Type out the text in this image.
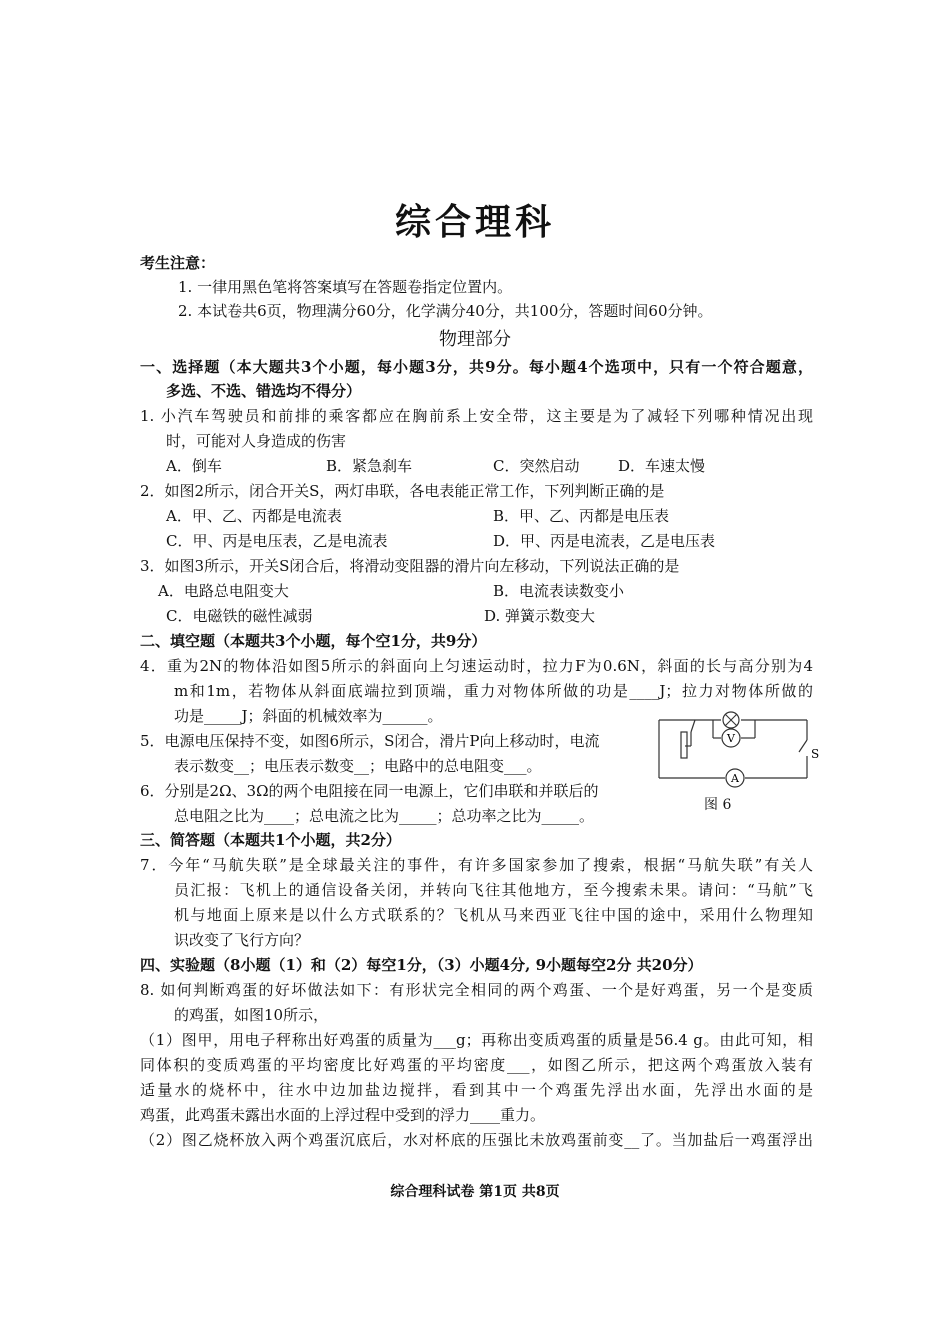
综合理科
考生注意：
1. 一律用黑色笔将答案填写在答题卷指定位置内。
2. 本试卷共6页，物理满分60分，化学满分40分，共100分，答题时间60分钟。
物理部分
一、选择题（本大题共3个小题，每小题3分，共9分。每小题4个选项中，只有一个符合题意，
多选、不选、错选均不得分）
1. 小汽车驾驶员和前排的乘客都应在胸前系上安全带，这主要是为了减轻下列哪种情况出现
时，可能对人身造成的伤害
A．倒车	B．紧急刹车	C．突然启动	D．车速太慢
2．如图2所示，闭合开关S，两灯串联，各电表能正常工作，下列判断正确的是
A．甲、乙、丙都是电流表	B．甲、乙、丙都是电压表
C．甲、丙是电压表，乙是电流表	D．甲、丙是电流表，乙是电压表
3．如图3所示，开关S闭合后，将滑动变阻器的滑片向左移动，下列说法正确的是
A．电路总电阻变大	B．电流表读数变小
C．电磁铁的磁性减弱	D. 弹簧示数变大
二、填空题（本题共3个小题，每个空1分，共9分）
4．重为2N的物体沿如图5所示的斜面向上匀速运动时，拉力F为0.6N，斜面的长与高分别为4
m和1m，若物体从斜面底端拉到顶端，重力对物体所做的功是____J；拉力对物体所做的
功是_____J；斜面的机械效率为______。
5．电源电压保持不变，如图6所示，S闭合，滑片P向上移动时，电流
表示数变__；电压表示数变__；电路中的总电阻变___。
6．分别是2Ω、3Ω的两个电阻接在同一电源上，它们串联和并联后的
总电阻之比为____；总电流之比为_____；总功率之比为_____。
V
A
S
图 6
三、简答题（本题共1个小题，共2分）
7．今年“马航失联”是全球最关注的事件，有许多国家参加了搜索，根据“马航失联”有关人
员汇报：飞机上的通信设备关闭，并转向飞往其他地方，至今搜索未果。请问：“马航”飞
机与地面上原来是以什么方式联系的？飞机从马来西亚飞往中国的途中，采用什么物理知
识改变了飞行方向？
四、实验题（8小题（1）和（2）每空1分，（3）小题4分, 9小题每空2分 共20分）
8. 如何判断鸡蛋的好坏做法如下：有形状完全相同的两个鸡蛋、一个是好鸡蛋，另一个是变质
的鸡蛋，如图10所示，
（1）图甲，用电子秤称出好鸡蛋的质量为___g；再称出变质鸡蛋的质量是56.4 g。由此可知，相
同体积的变质鸡蛋的平均密度比好鸡蛋的平均密度___，如图乙所示，把这两个鸡蛋放入装有
适量水的烧杯中，往水中边加盐边搅拌，看到其中一个鸡蛋先浮出水面，先浮出水面的是
鸡蛋，此鸡蛋未露出水面的上浮过程中受到的浮力____重力。
（2）图乙烧杯放入两个鸡蛋沉底后，水对杯底的压强比未放鸡蛋前变__了。当加盐后一鸡蛋浮出
综合理科试卷 第1页 共8页
